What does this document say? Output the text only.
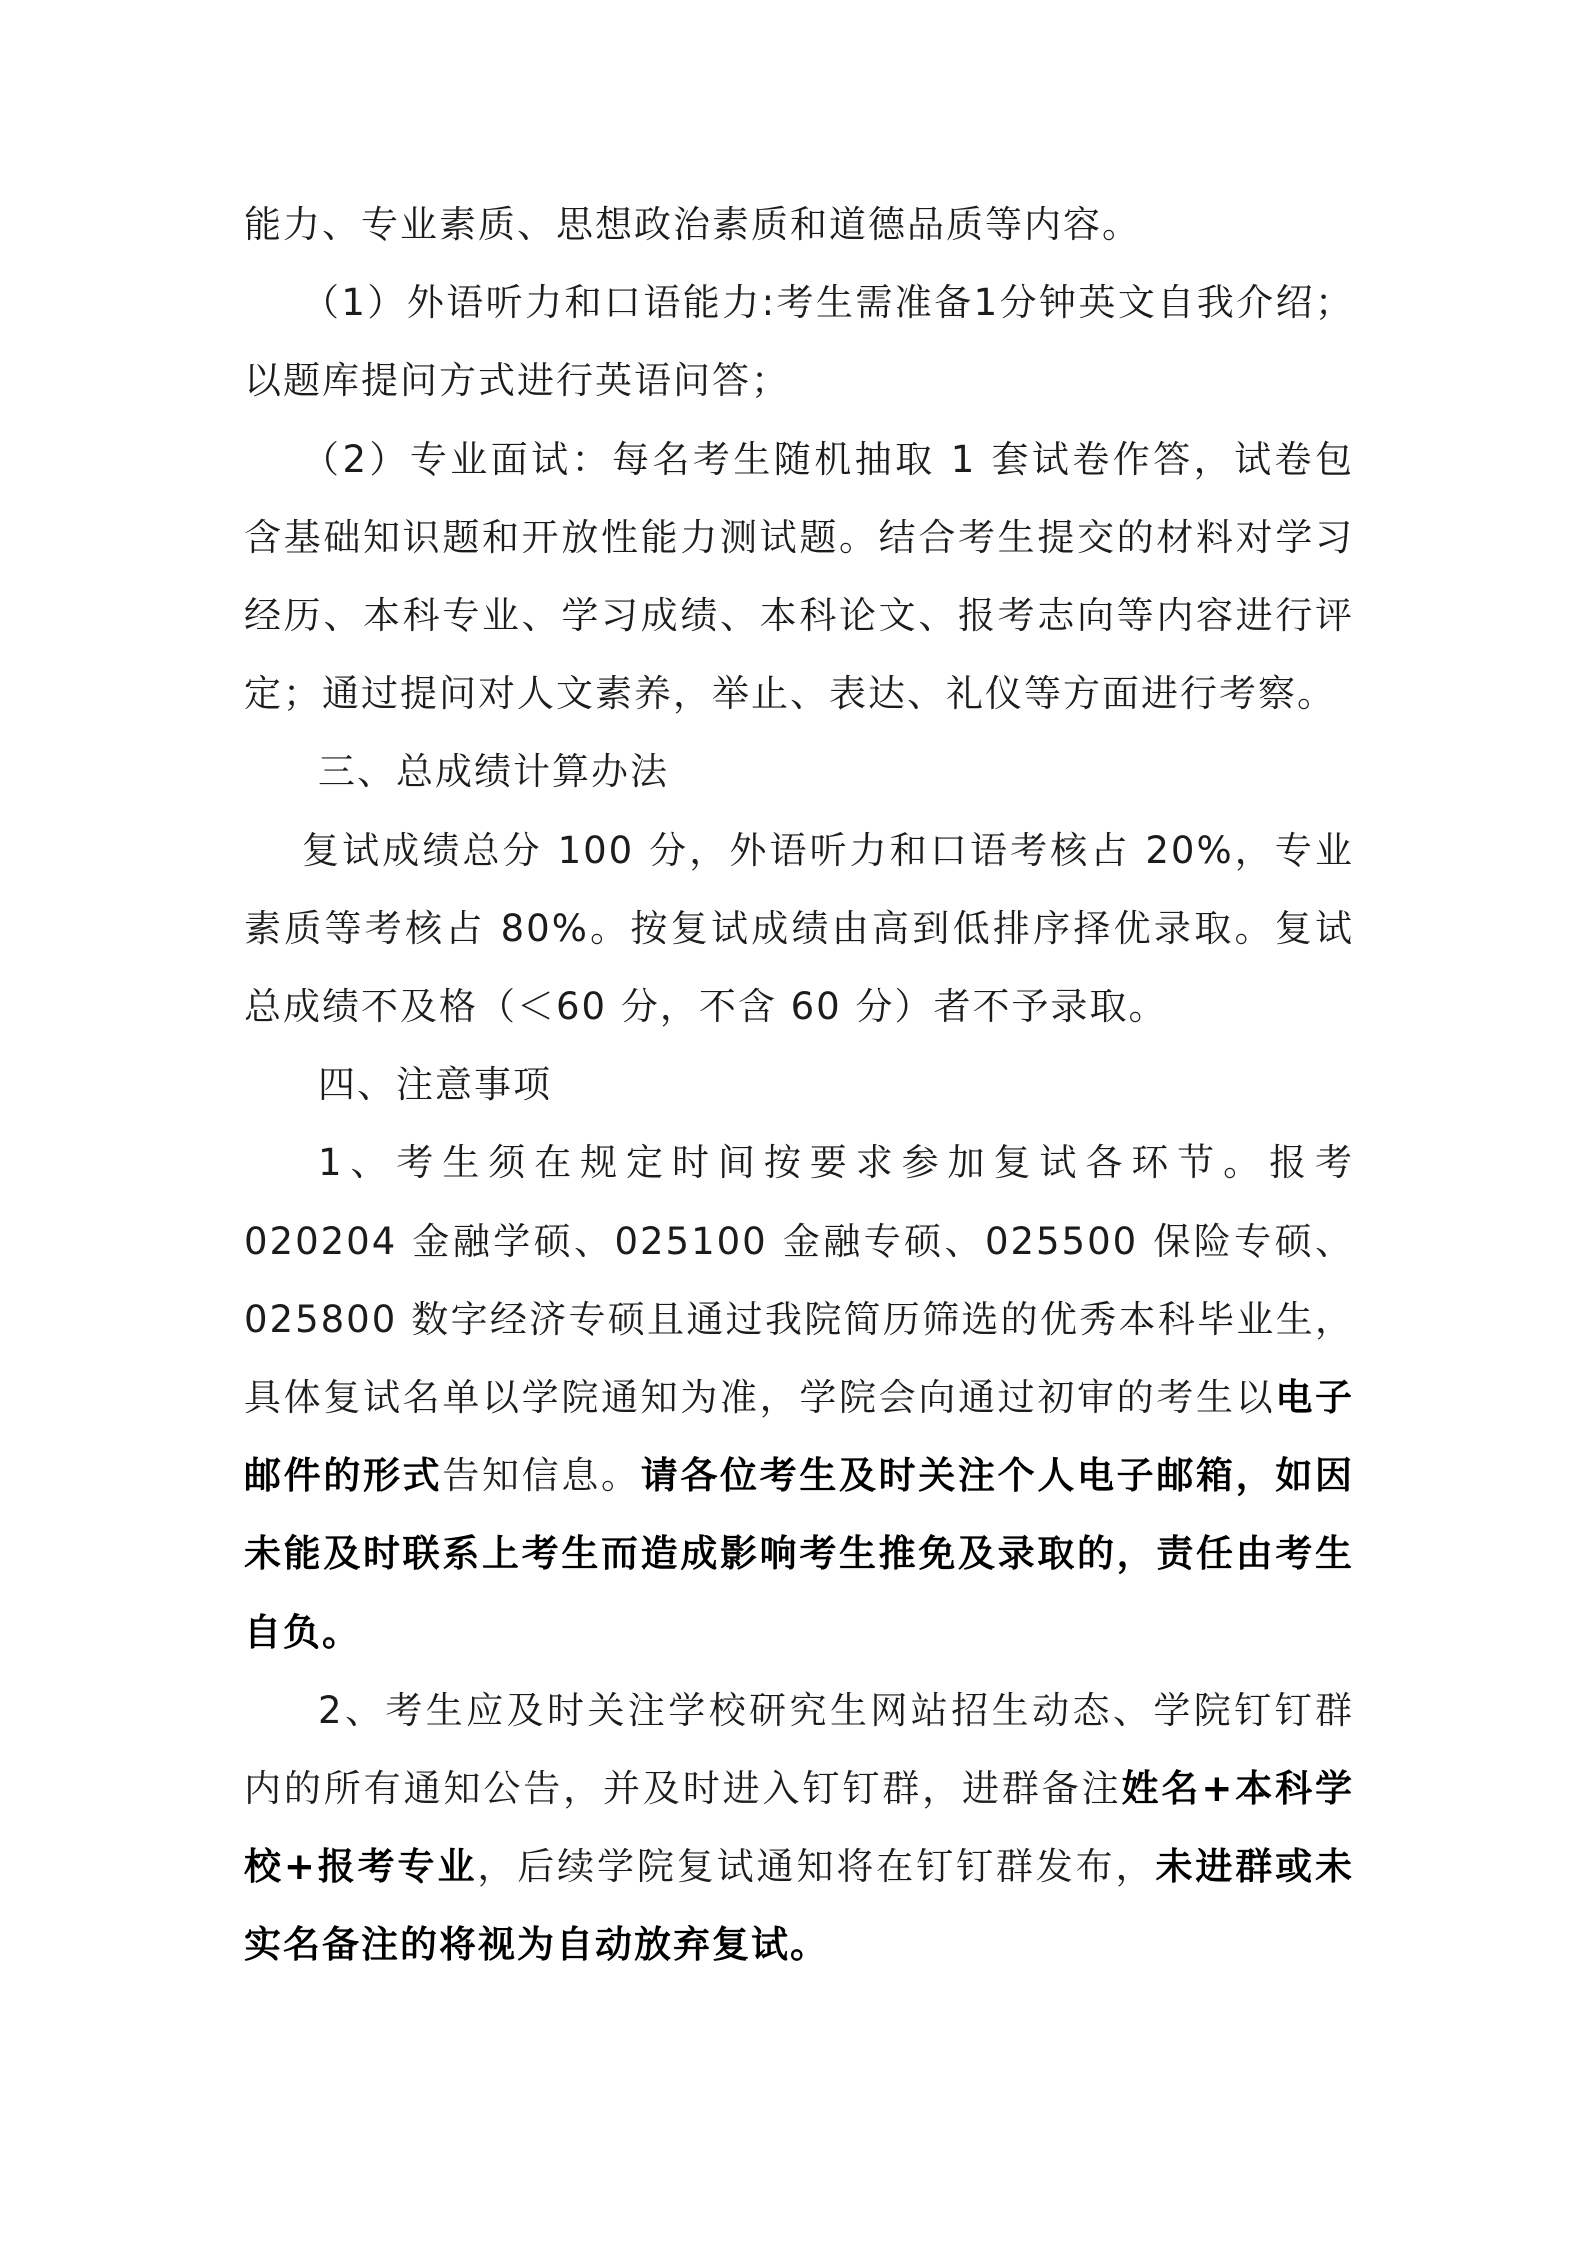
能力、专业素质、思想政治素质和道德品质等内容。

（1）外语听力和口语能力:考生需准备1分钟英文自我介绍；以题库提问方式进行英语问答；

（2）专业面试：每名考生随机抽取 1 套试卷作答，试卷包含基础知识题和开放性能力测试题。结合考生提交的材料对学习经历、本科专业、学习成绩、本科论文、报考志向等内容进行评定；通过提问对人文素养，举止、表达、礼仪等方面进行考察。

三、总成绩计算办法

复试成绩总分 100 分，外语听力和口语考核占 20%，专业素质等考核占 80%。按复试成绩由高到低排序择优录取。复试总成绩不及格（＜60 分，不含 60 分）者不予录取。

四、注意事项

1、考生须在规定时间按要求参加复试各环节。报考 020204 金融学硕、025100 金融专硕、025500 保险专硕、025800 数字经济专硕且通过我院简历筛选的优秀本科毕业生，具体复试名单以学院通知为准，学院会向通过初审的考生以电子邮件的形式告知信息。请各位考生及时关注个人电子邮箱，如因未能及时联系上考生而造成影响考生推免及录取的，责任由考生自负。

2、考生应及时关注学校研究生网站招生动态、学院钉钉群内的所有通知公告，并及时进入钉钉群，进群备注姓名+本科学校+报考专业，后续学院复试通知将在钉钉群发布，未进群或未实名备注的将视为自动放弃复试。
